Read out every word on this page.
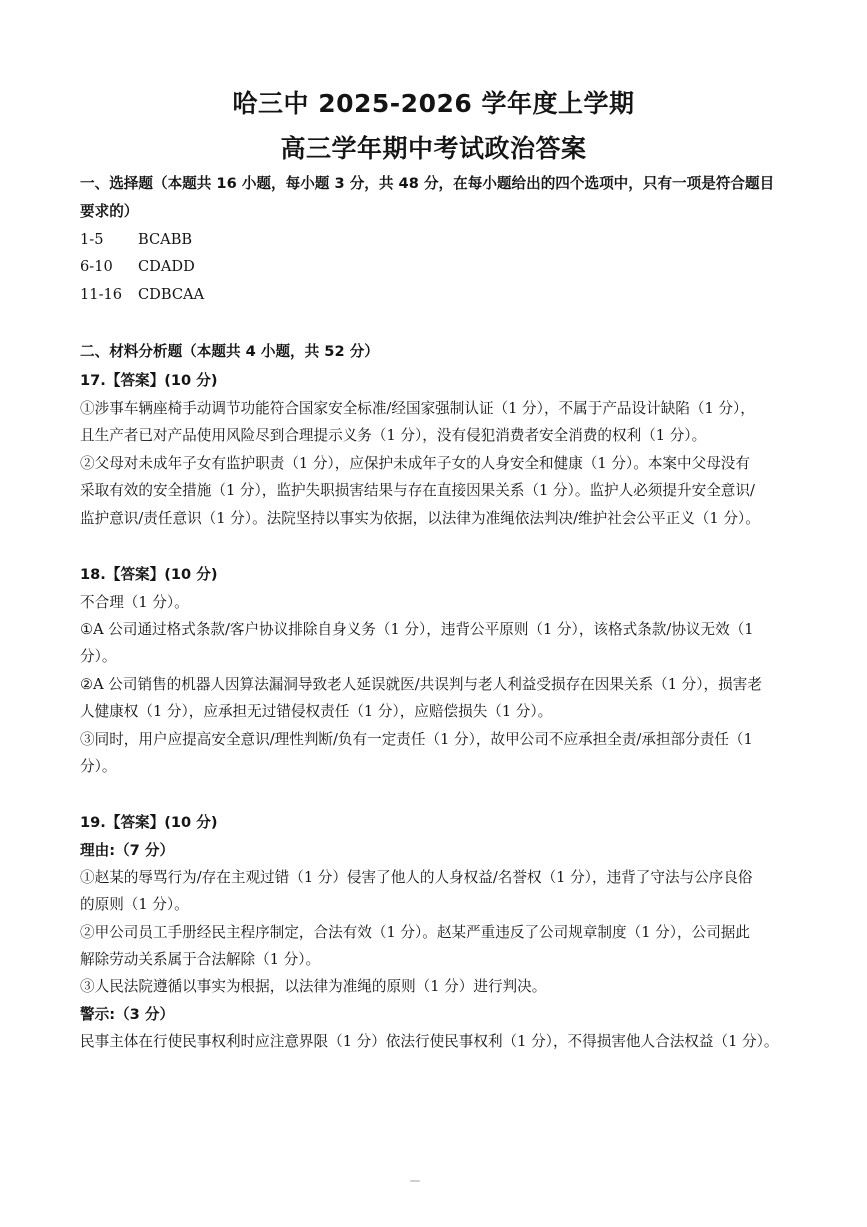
哈三中 2025-2026 学年度上学期
高三学年期中考试政治答案
一、选择题（本题共 16 小题，每小题 3 分，共 48 分，在每小题给出的四个选项中，只有一项是符合题目
要求的）
1-5 BCABB
6-10 CDADD
11-16 CDBCAA
二、材料分析题（本题共 4 小题，共 52 分）
17.【答案】(10 分)
①涉事车辆座椅手动调节功能符合国家安全标准/经国家强制认证（1 分），不属于产品设计缺陷（1 分），
且生产者已对产品使用风险尽到合理提示义务（1 分），没有侵犯消费者安全消费的权利（1 分）。
②父母对未成年子女有监护职责（1 分），应保护未成年子女的人身安全和健康（1 分）。本案中父母没有
采取有效的安全措施（1 分），监护失职损害结果与存在直接因果关系（1 分）。监护人必须提升安全意识/
监护意识/责任意识（1 分）。法院坚持以事实为依据，以法律为准绳依法判决/维护社会公平正义（1 分）。
18.【答案】(10 分)
不合理（1 分）。
①A 公司通过格式条款/客户协议排除自身义务（1 分），违背公平原则（1 分），该格式条款/协议无效（1
分）。
②A 公司销售的机器人因算法漏洞导致老人延误就医/共误判与老人利益受损存在因果关系（1 分），损害老
人健康权（1 分），应承担无过错侵权责任（1 分），应赔偿损失（1 分）。
③同时，用户应提高安全意识/理性判断/负有一定责任（1 分），故甲公司不应承担全责/承担部分责任（1
分）。
19.【答案】(10 分)
理由:（7 分）
①赵某的辱骂行为/存在主观过错（1 分）侵害了他人的人身权益/名誉权（1 分），违背了守法与公序良俗
的原则（1 分）。
②甲公司员工手册经民主程序制定，合法有效（1 分）。赵某严重违反了公司规章制度（1 分），公司据此
解除劳动关系属于合法解除（1 分）。
③人民法院遵循以事实为根据，以法律为准绳的原则（1 分）进行判决。
警示:（3 分）
民事主体在行使民事权利时应注意界限（1 分）依法行使民事权利（1 分），不得损害他人合法权益（1 分）。
